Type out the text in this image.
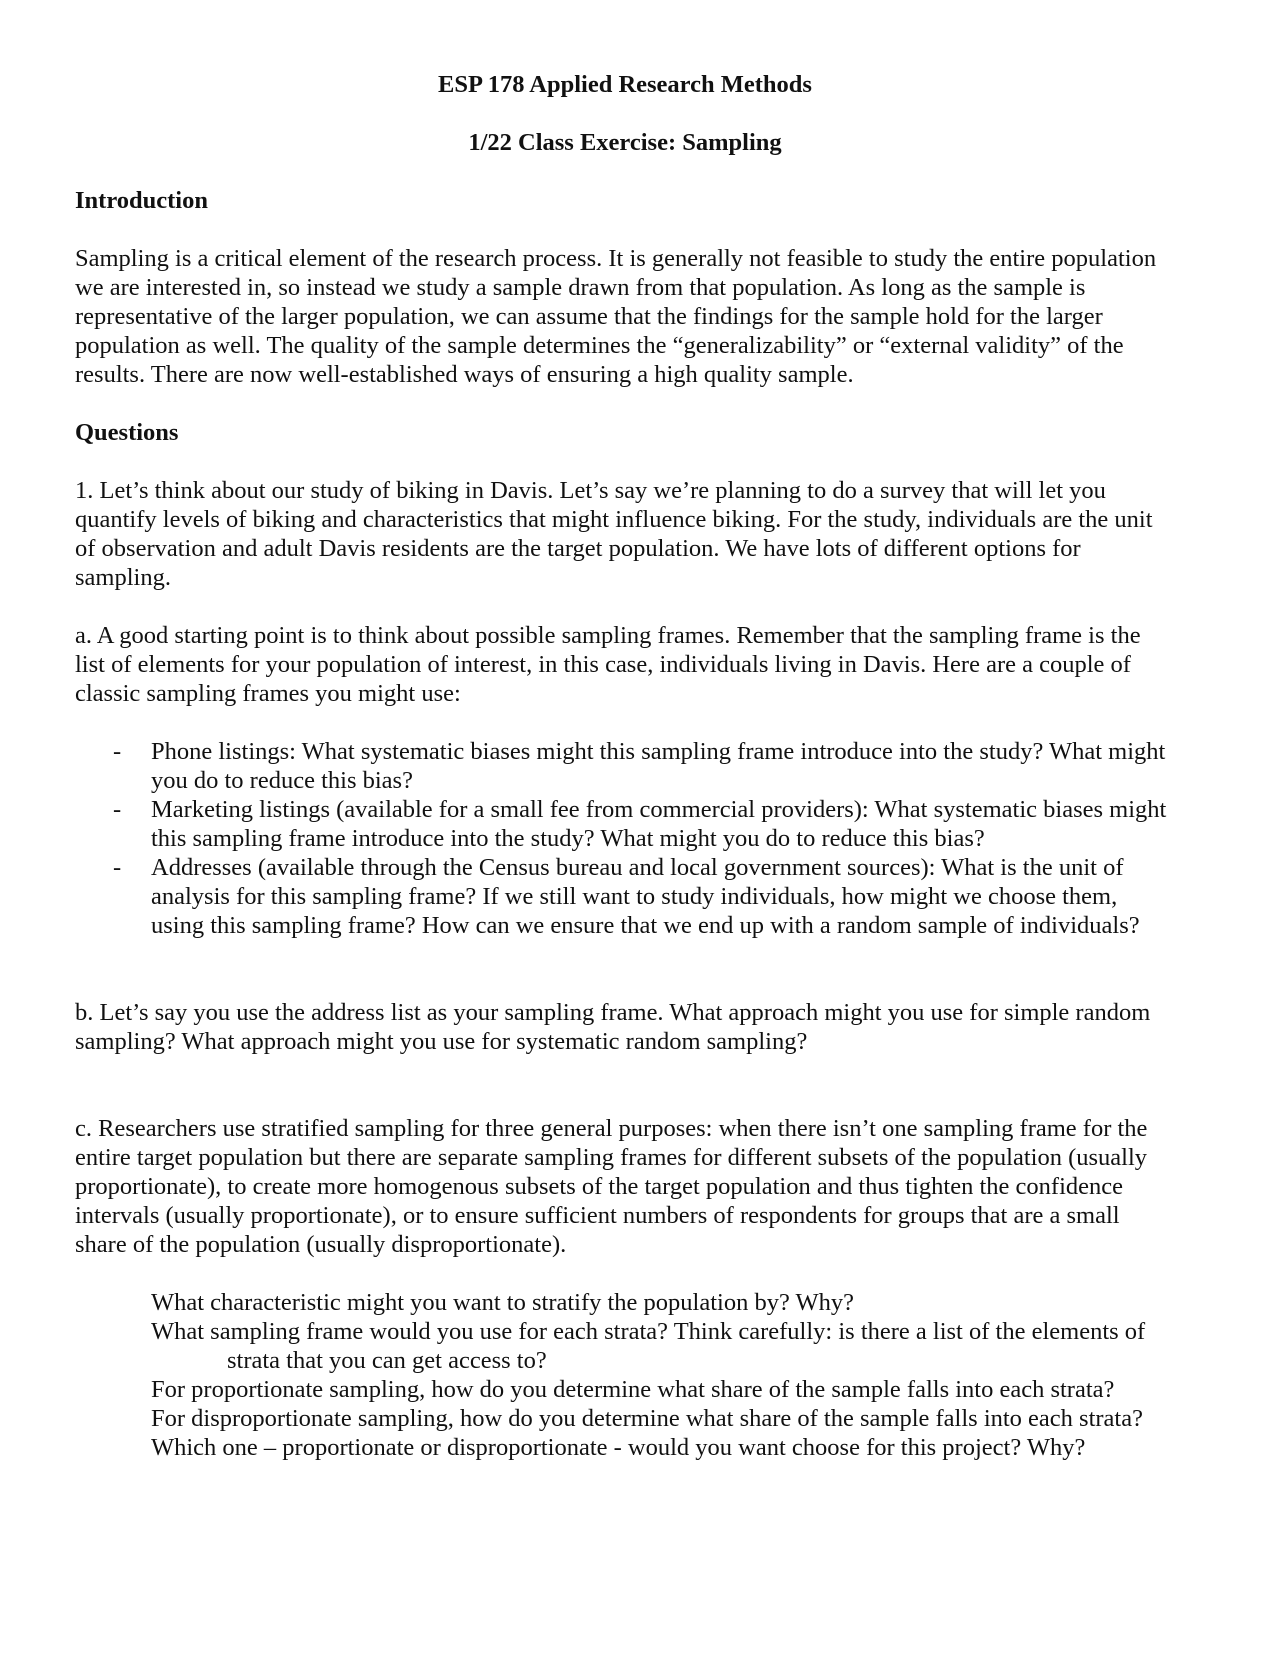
ESP 178 Applied Research Methods

1/22 Class Exercise: Sampling

Introduction

Sampling is a critical element of the research process. It is generally not feasible to study the entire population we are interested in, so instead we study a sample drawn from that population. As long as the sample is representative of the larger population, we can assume that the findings for the sample hold for the larger population as well. The quality of the sample determines the “generalizability” or “external validity” of the results. There are now well-established ways of ensuring a high quality sample.

Questions

1. Let’s think about our study of biking in Davis. Let’s say we’re planning to do a survey that will let you quantify levels of biking and characteristics that might influence biking. For the study, individuals are the unit of observation and adult Davis residents are the target population. We have lots of different options for sampling.

a. A good starting point is to think about possible sampling frames. Remember that the sampling frame is the list of elements for your population of interest, in this case, individuals living in Davis. Here are a couple of classic sampling frames you might use:

- Phone listings: What systematic biases might this sampling frame introduce into the study? What might you do to reduce this bias?
- Marketing listings (available for a small fee from commercial providers): What systematic biases might this sampling frame introduce into the study? What might you do to reduce this bias?
- Addresses (available through the Census bureau and local government sources): What is the unit of analysis for this sampling frame? If we still want to study individuals, how might we choose them, using this sampling frame? How can we ensure that we end up with a random sample of individuals?

b. Let’s say you use the address list as your sampling frame. What approach might you use for simple random sampling? What approach might you use for systematic random sampling?

c. Researchers use stratified sampling for three general purposes: when there isn’t one sampling frame for the entire target population but there are separate sampling frames for different subsets of the population (usually proportionate), to create more homogenous subsets of the target population and thus tighten the confidence intervals (usually proportionate), or to ensure sufficient numbers of respondents for groups that are a small share of the population (usually disproportionate).

What characteristic might you want to stratify the population by? Why?

What sampling frame would you use for each strata? Think carefully: is there a list of the elements of strata that you can get access to?

For proportionate sampling, how do you determine what share of the sample falls into each strata?

For disproportionate sampling, how do you determine what share of the sample falls into each strata?

Which one – proportionate or disproportionate - would you want choose for this project? Why?
